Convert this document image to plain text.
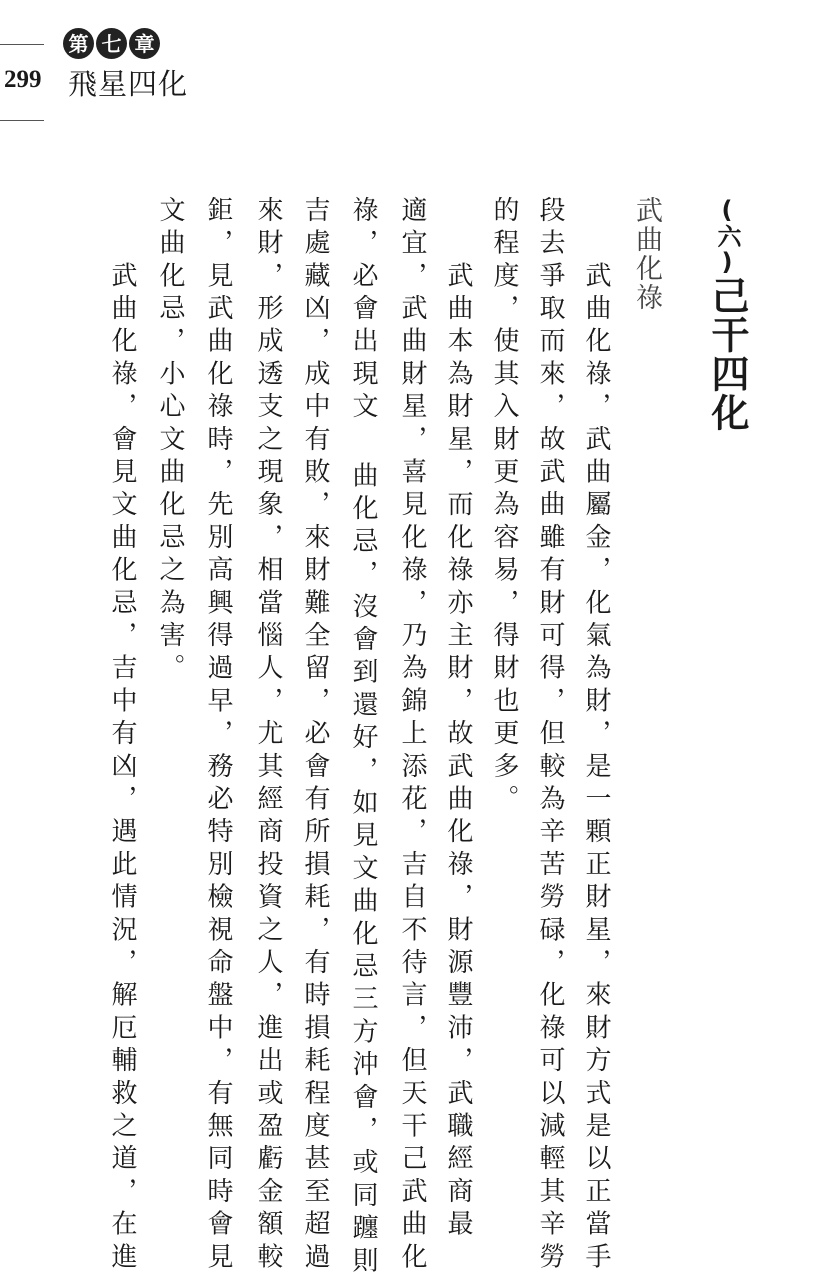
299
第 七 章
飛星四化
(六)己干四化
武曲化祿
　　武曲化祿，武曲屬金，化氣為財，是一顆正財星，來財方式是以正當手
段去爭取而來，故武曲雖有財可得，但較為辛苦勞碌，化祿可以減輕其辛勞
的程度，使其入財更為容易，得財也更多。
　　武曲本為財星，而化祿亦主財，故武曲化祿，財源豐沛，武職經商最
適宜，武曲財星，喜見化祿，乃為錦上添花，吉自不待言，但天干己武曲化
祿，必會出現文 曲化忌，沒會到還好，如見文曲化忌三方沖會，或同躔則
吉處藏凶，成中有敗，來財難全留，必會有所損耗，有時損耗程度甚至超過
來財，形成透支之現象，相當惱人，尤其經商投資之人，進出或盈虧金額較
鉅，見武曲化祿時，先別高興得過早，務必特別檢視命盤中，有無同時會見
文曲化忌，小心文曲化忌之為害。
　　武曲化祿，會見文曲化忌，吉中有凶，遇此情況，解厄輔救之道，在進
